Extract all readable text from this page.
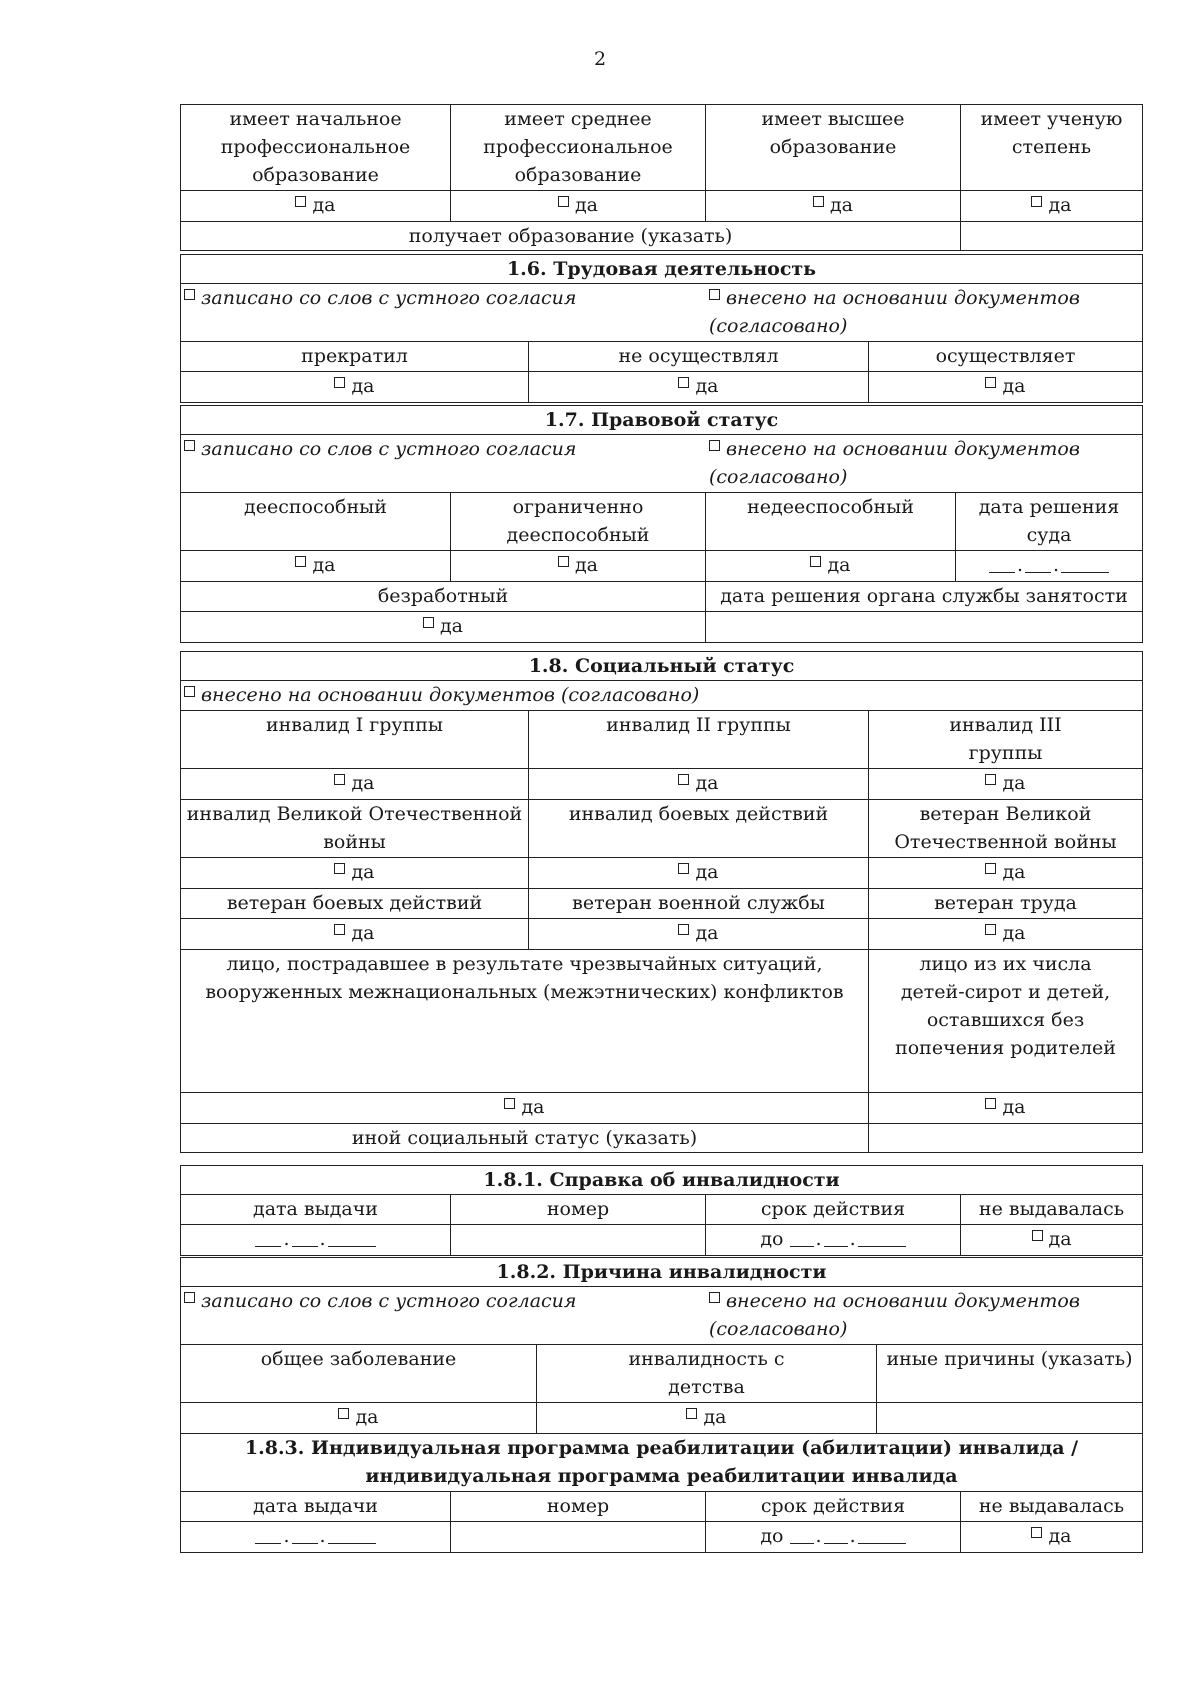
2
имеет начальное профессиональное образование	имеет среднее профессиональное образование	имеет высшее образование	имеет ученую степень
да	да	да	да
получает образование (указать)			
1.6. Трудовая деятельность		

записано со слов с устного согласия внесено на основании документов (согласовано)		

прекратил	не осуществлял	осуществляет
да	да	да
1.7. Правовой статус			

записано со слов с устного согласия внесено на основании документов (согласовано)			

дееспособный	ограниченно дееспособный	недееспособный	дата решения суда
да	да	да	. .
безработный		дата решения органа службы занятости	
да			
1.8. Социальный статус		
внесено на основании документов (согласовано)		
инвалид I группы	инвалид II группы	инвалид III группы
да	да	да
инвалид Великой Отечественной войны	инвалид боевых действий	ветеран Великой Отечественной войны
да	да	да
ветеран боевых действий	ветеран военной службы	ветеран труда
да	да	да
лицо, пострадавшее в результате чрезвычайных ситуаций, вооруженных межнациональных (межэтнических) конфликтов		лицо из их числа детей-сирот и детей, оставшихся без попечения родителей
да		да
иной социальный статус (указать)		
1.8.1. Справка об инвалидности			
дата выдачи	номер	срок действия	не выдавалась
. .		до . .	да
1.8.2. Причина инвалидности		

записано со слов с устного согласия внесено на основании документов (согласовано)		

общее заболевание	инвалидность с детства	иные причины (указать)
да	да	
1.8.3. Индивидуальная программа реабилитации (абилитации) инвалида / индивидуальная программа реабилитации инвалида			
дата выдачи	номер	срок действия	не выдавалась
. .		до . .	да
